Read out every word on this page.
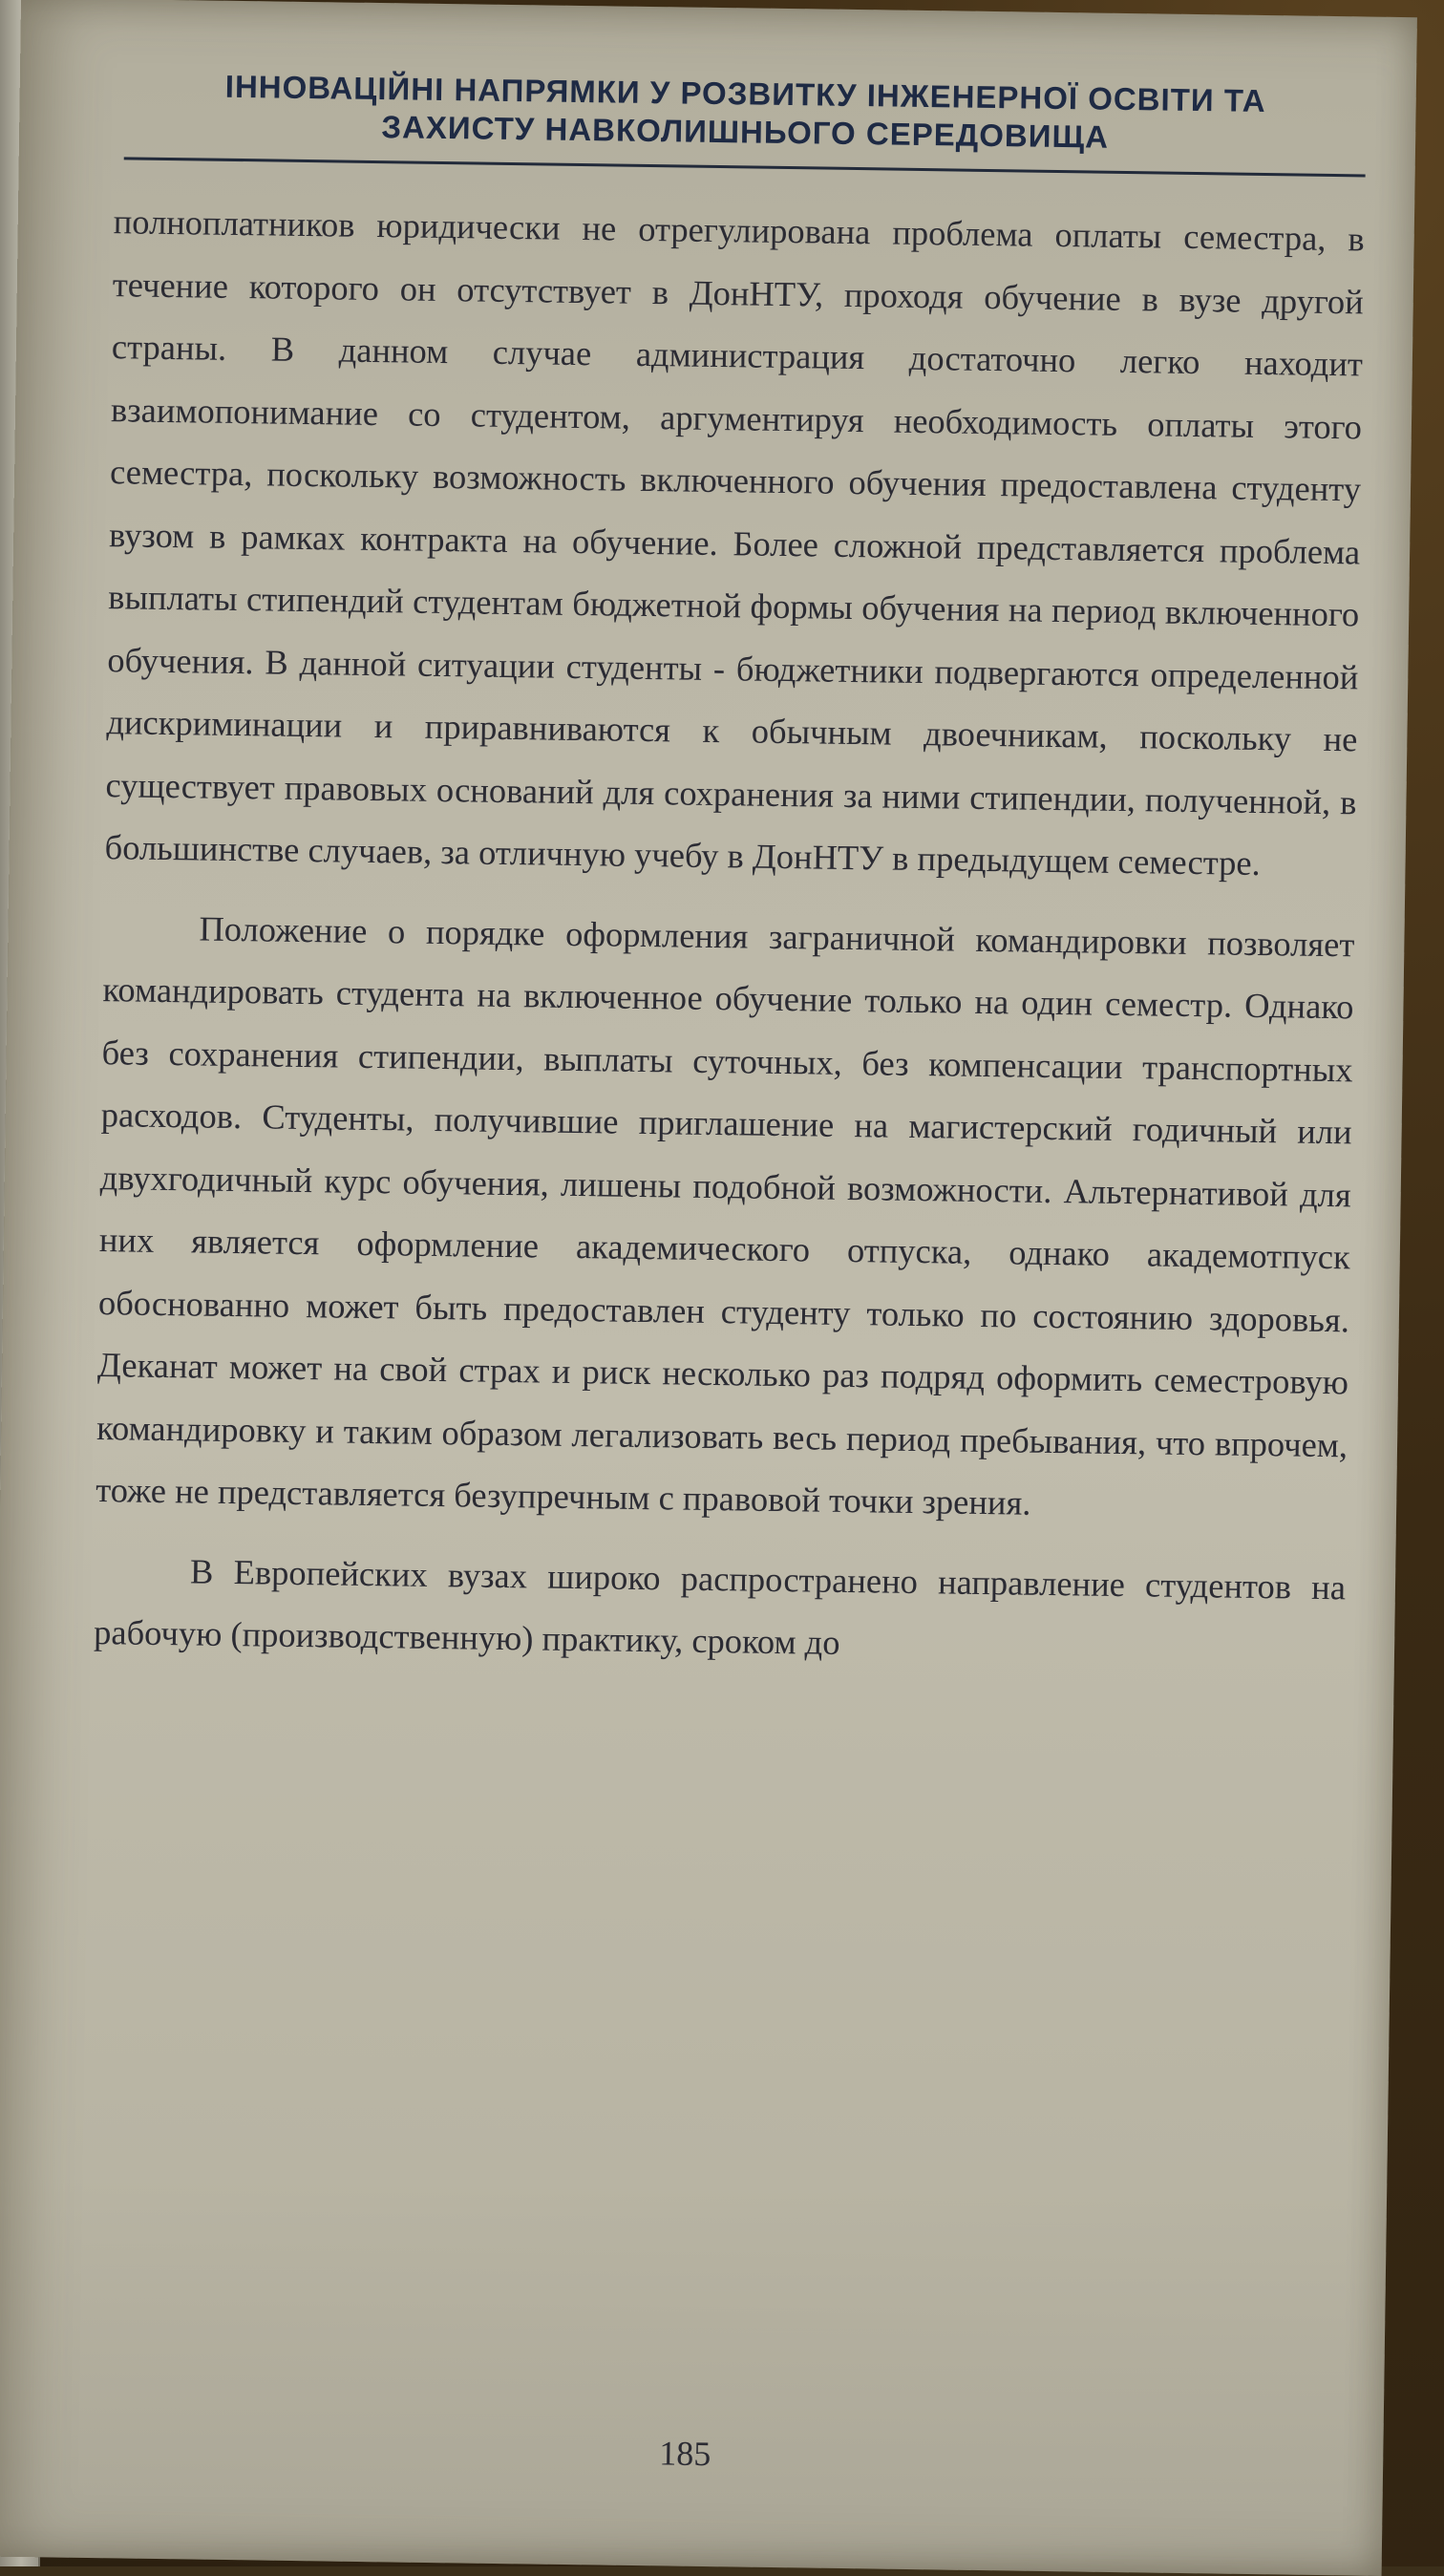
ІННОВАЦІЙНІ НАПРЯМКИ У РОЗВИТКУ ІНЖЕНЕРНОЇ ОСВІТИ ТА
ЗАХИСТУ НАВКОЛИШНЬОГО СЕРЕДОВИЩА

полноплатников юридически не отрегулирована проблема оплаты семестра, в течение которого он отсутствует в ДонНТУ, проходя обучение в вузе другой страны. В данном случае администрация достаточно легко находит взаимопонимание со студентом, аргументируя необходимость оплаты этого семестра, поскольку возможность включенного обучения предоставлена студенту вузом в рамках контракта на обучение. Более сложной представляется проблема выплаты стипендий студентам бюджетной формы обучения на период включенного обучения. В данной ситуации студенты - бюджетники подвергаются определенной дискриминации и приравниваются к обычным двоечникам, поскольку не существует правовых оснований для сохранения за ними стипендии, полученной, в большинстве случаев, за отличную учебу в ДонНТУ в предыдущем семестре.

Положение о порядке оформления заграничной командировки позволяет командировать студента на включенное обучение только на один семестр. Однако без сохранения стипендии, выплаты суточных, без компенсации транспортных расходов. Студенты, получившие приглашение на магистерский годичный или двухгодичный курс обучения, лишены подобной возможности. Альтернативой для них является оформление академического отпуска, однако академотпуск обоснованно может быть предоставлен студенту только по состоянию здоровья. Деканат может на свой страх и риск несколько раз подряд оформить семестровую командировку и таким образом легализовать весь период пребывания, что впрочем, тоже не представляется безупречным с правовой точки зрения.

В Европейских вузах широко распространено направление студентов на рабочую (производственную) практику, сроком до

185
